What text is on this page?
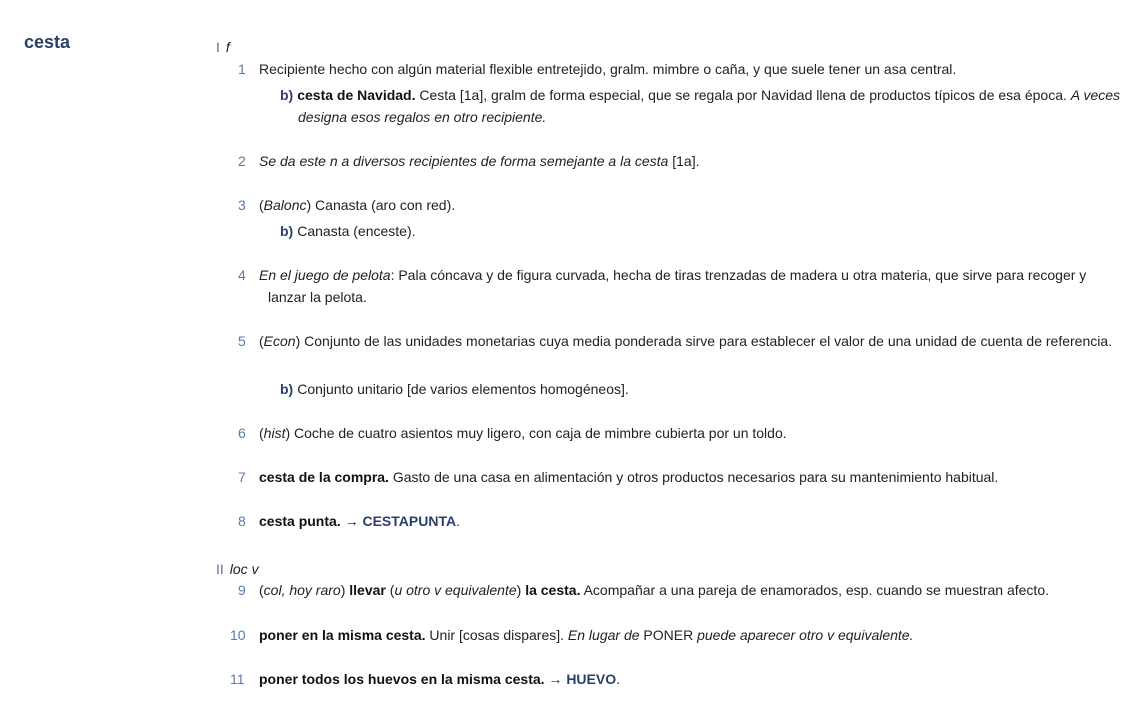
cesta	I f
1 Recipiente hecho con algún material flexible entretejido, gralm. mimbre o caña, y que suele tener un asa central.
b) cesta de Navidad. Cesta [1a], gralm de forma especial, que se regala por Navidad llena de productos típicos de esa época. A veces designa esos regalos en otro recipiente.
2 Se da este n a diversos recipientes de forma semejante a la cesta [1a].
3 (Balonc) Canasta (aro con red).
b) Canasta (enceste).
4 En el juego de pelota: Pala cóncava y de figura curvada, hecha de tiras trenzadas de madera u otra materia, que sirve para recoger y lanzar la pelota.
5 (Econ) Conjunto de las unidades monetarias cuya media ponderada sirve para establecer el valor de una unidad de cuenta de referencia.
b) Conjunto unitario [de varios elementos homogéneos].
6 (hist) Coche de cuatro asientos muy ligero, con caja de mimbre cubierta por un toldo.
7 cesta de la compra. Gasto de una casa en alimentación y otros productos necesarios para su mantenimiento habitual.
8 cesta punta. → CESTAPUNTA.
II loc v
9 (col, hoy raro) llevar (u otro v equivalente) la cesta. Acompañar a una pareja de enamorados, esp. cuando se muestran afecto.
10 poner en la misma cesta. Unir [cosas dispares]. En lugar de PONER puede aparecer otro v equivalente.
11 poner todos los huevos en la misma cesta. → HUEVO.
